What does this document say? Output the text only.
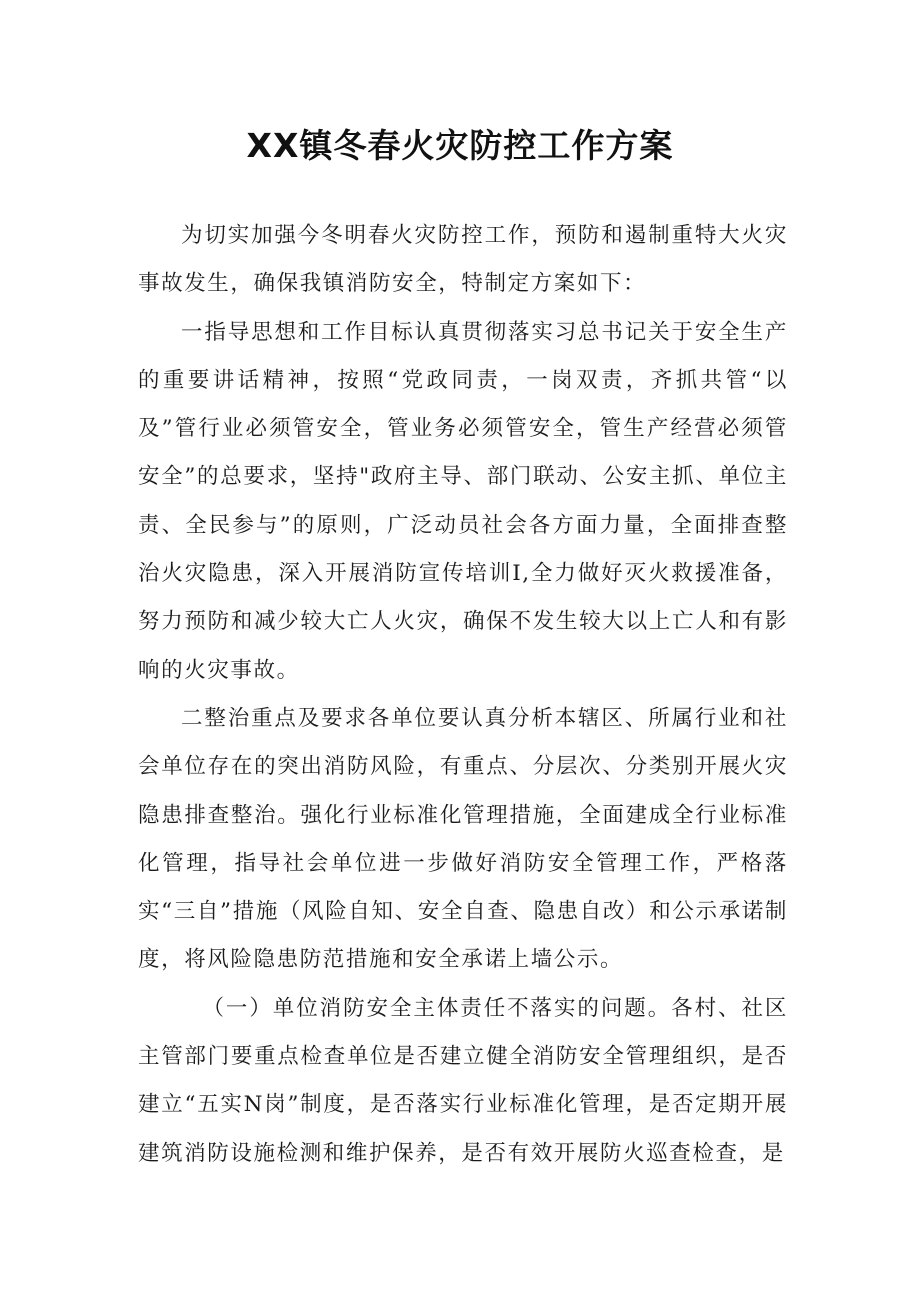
XX镇冬春火灾防控工作方案

为切实加强今冬明春火灾防控工作，预防和遏制重特大火灾事故发生，确保我镇消防安全，特制定方案如下：

一指导思想和工作目标认真贯彻落实习总书记关于安全生产的重要讲话精神，按照“党政同责，一岗双责，齐抓共管“以及”管行业必须管安全，管业务必须管安全，管生产经营必须管安全”的总要求，坚持"政府主导、部门联动、公安主抓、单位主责、全民参与”的原则，广泛动员社会各方面力量，全面排查整治火灾隐患，深入开展消防宣传培训I,全力做好灭火救援准备，努力预防和减少较大亡人火灾，确保不发生较大以上亡人和有影响的火灾事故。

二整治重点及要求各单位要认真分析本辖区、所属行业和社会单位存在的突出消防风险，有重点、分层次、分类别开展火灾隐患排查整治。强化行业标准化管理措施，全面建成全行业标准化管理，指导社会单位进一步做好消防安全管理工作，严格落实“三自”措施（风险自知、安全自查、隐患自改）和公示承诺制度，将风险隐患防范措施和安全承诺上墙公示。

（一）单位消防安全主体责任不落实的问题。各村、社区主管部门要重点检查单位是否建立健全消防安全管理组织，是否建立“五实N岗”制度，是否落实行业标准化管理，是否定期开展建筑消防设施检测和维护保养，是否有效开展防火巡查检查，是
